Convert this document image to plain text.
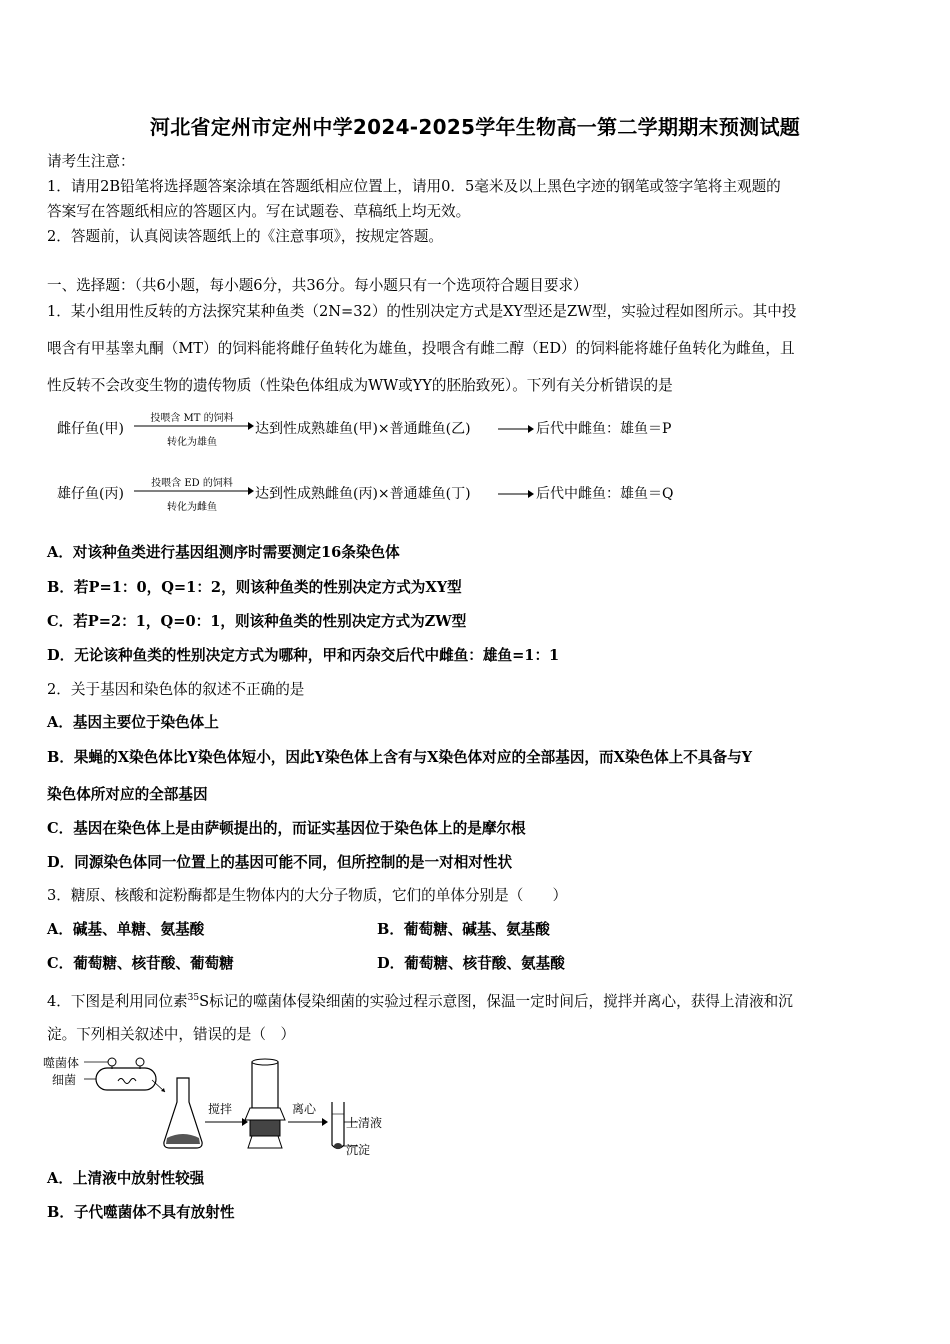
河北省定州市定州中学2024-2025学年生物高一第二学期期末预测试题
请考生注意：
1．请用2B铅笔将选择题答案涂填在答题纸相应位置上，请用0．5毫米及以上黑色字迹的钢笔或签字笔将主观题的
答案写在答题纸相应的答题区内。写在试题卷、草稿纸上均无效。
2．答题前，认真阅读答题纸上的《注意事项》，按规定答题。
一、选择题：（共6小题，每小题6分，共36分。每小题只有一个选项符合题目要求）
1．某小组用性反转的方法探究某种鱼类（2N=32）的性别决定方式是XY型还是ZW型，实验过程如图所示。其中投
喂含有甲基睾丸酮（MT）的饲料能将雌仔鱼转化为雄鱼，投喂含有雌二醇（ED）的饲料能将雄仔鱼转化为雌鱼，且
性反转不会改变生物的遗传物质（性染色体组成为WW或YY的胚胎致死）。下列有关分析错误的是
雌仔鱼(甲)
投喂含 MT 的饲料
转化为雄鱼
达到性成熟雄鱼(甲)×普通雌鱼(乙)	后代中雌鱼：雄鱼＝P
雄仔鱼(丙)
投喂含 ED 的饲料
转化为雌鱼
达到性成熟雌鱼(丙)×普通雄鱼(丁)	后代中雌鱼：雄鱼＝Q
A．对该种鱼类进行基因组测序时需要测定16条染色体
B．若P=1：0，Q=1：2，则该种鱼类的性别决定方式为XY型
C．若P=2：1，Q=0：1，则该种鱼类的性别决定方式为ZW型
D．无论该种鱼类的性别决定方式为哪种，甲和丙杂交后代中雌鱼：雄鱼=1：1
2．关于基因和染色体的叙述不正确的是
A．基因主要位于染色体上
B．果蝇的X染色体比Y染色体短小，因此Y染色体上含有与X染色体对应的全部基因，而X染色体上不具备与Y
染色体所对应的全部基因
C．基因在染色体上是由萨顿提出的，而证实基因位于染色体上的是摩尔根
D．同源染色体同一位置上的基因可能不同，但所控制的是一对相对性状
3．糖原、核酸和淀粉酶都是生物体内的大分子物质，它们的单体分别是（　　）
A．碱基、单糖、氨基酸	B．葡萄糖、碱基、氨基酸
C．葡萄糖、核苷酸、葡萄糖	D．葡萄糖、核苷酸、氨基酸
4．下图是利用同位素$^{35}$S标记的噬菌体侵染细菌的实验过程示意图，保温一定时间后，搅拌并离心，获得上清液和沉
淀。下列相关叙述中，错误的是（　）
噬菌体
细菌
搅拌	离心
上清液
沉淀
A．上清液中放射性较强
B．子代噬菌体不具有放射性
